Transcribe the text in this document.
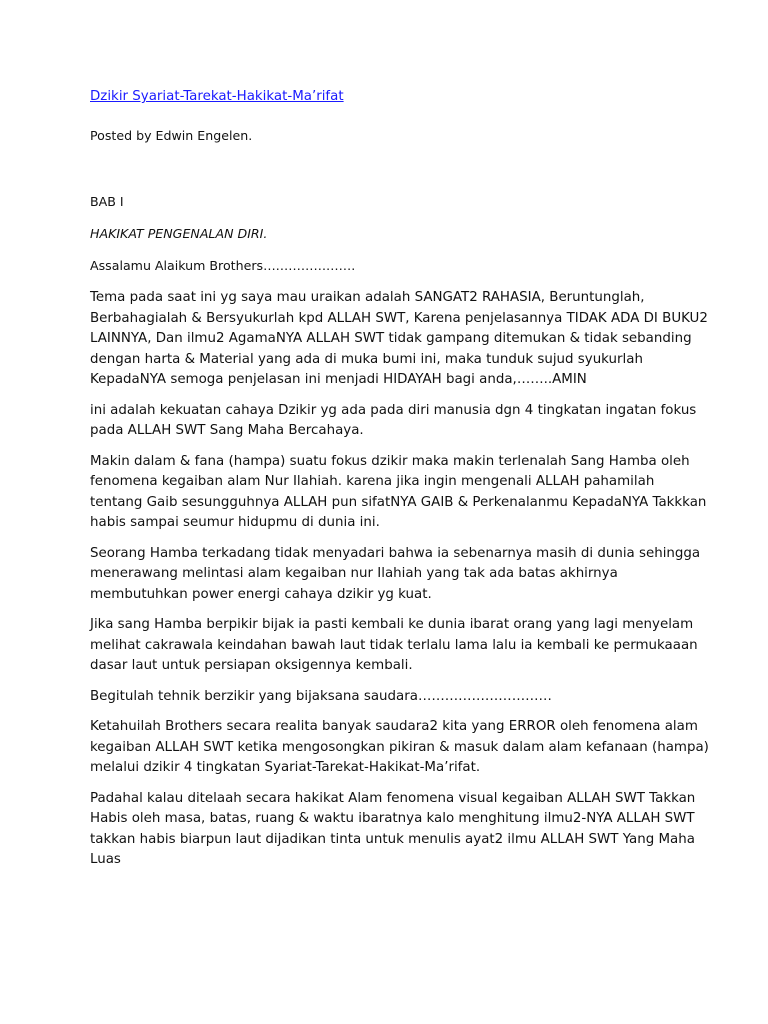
Dzikir Syariat-Tarekat-Hakikat-Ma’rifat

Posted by Edwin Engelen.

BAB I

HAKIKAT PENGENALAN DIRI.

Assalamu Alaikum Brothers………………….

Tema pada saat ini yg saya mau uraikan adalah SANGAT2 RAHASIA, Beruntunglah, Berbahagialah & Bersyukurlah kpd ALLAH SWT, Karena penjelasannya TIDAK ADA DI BUKU2 LAINNYA, Dan ilmu2 AgamaNYA ALLAH SWT tidak gampang ditemukan & tidak sebanding dengan harta & Material yang ada di muka bumi ini, maka tunduk sujud syukurlah KepadaNYA semoga penjelasan ini menjadi HIDAYAH bagi anda,……..AMIN

ini adalah kekuatan cahaya Dzikir yg ada pada diri manusia dgn 4 tingkatan ingatan fokus pada ALLAH SWT Sang Maha Bercahaya.

Makin dalam & fana (hampa) suatu fokus dzikir maka makin terlenalah Sang Hamba oleh fenomena kegaiban alam Nur Ilahiah. karena jika ingin mengenali ALLAH pahamilah tentang Gaib sesungguhnya ALLAH pun sifatNYA GAIB & Perkenalanmu KepadaNYA Takkkan habis sampai seumur hidupmu di dunia ini.

Seorang Hamba terkadang tidak menyadari bahwa ia sebenarnya masih di dunia sehingga menerawang melintasi alam kegaiban nur Ilahiah yang tak ada batas akhirnya membutuhkan power energi cahaya dzikir yg kuat.

Jika sang Hamba berpikir bijak ia pasti kembali ke dunia ibarat orang yang lagi menyelam melihat cakrawala keindahan bawah laut tidak terlalu lama lalu ia kembali ke permukaaan dasar laut untuk persiapan oksigennya kembali.

Begitulah tehnik berzikir yang bijaksana saudara…………………………

Ketahuilah Brothers secara realita banyak saudara2 kita yang ERROR oleh fenomena alam kegaiban ALLAH SWT ketika mengosongkan pikiran & masuk dalam alam kefanaan (hampa) melalui dzikir 4 tingkatan Syariat-Tarekat-Hakikat-Ma’rifat.

Padahal kalau ditelaah secara hakikat Alam fenomena visual kegaiban ALLAH SWT Takkan Habis oleh masa, batas, ruang & waktu ibaratnya kalo menghitung ilmu2-NYA ALLAH SWT takkan habis biarpun laut dijadikan tinta untuk menulis ayat2 ilmu ALLAH SWT Yang Maha Luas
